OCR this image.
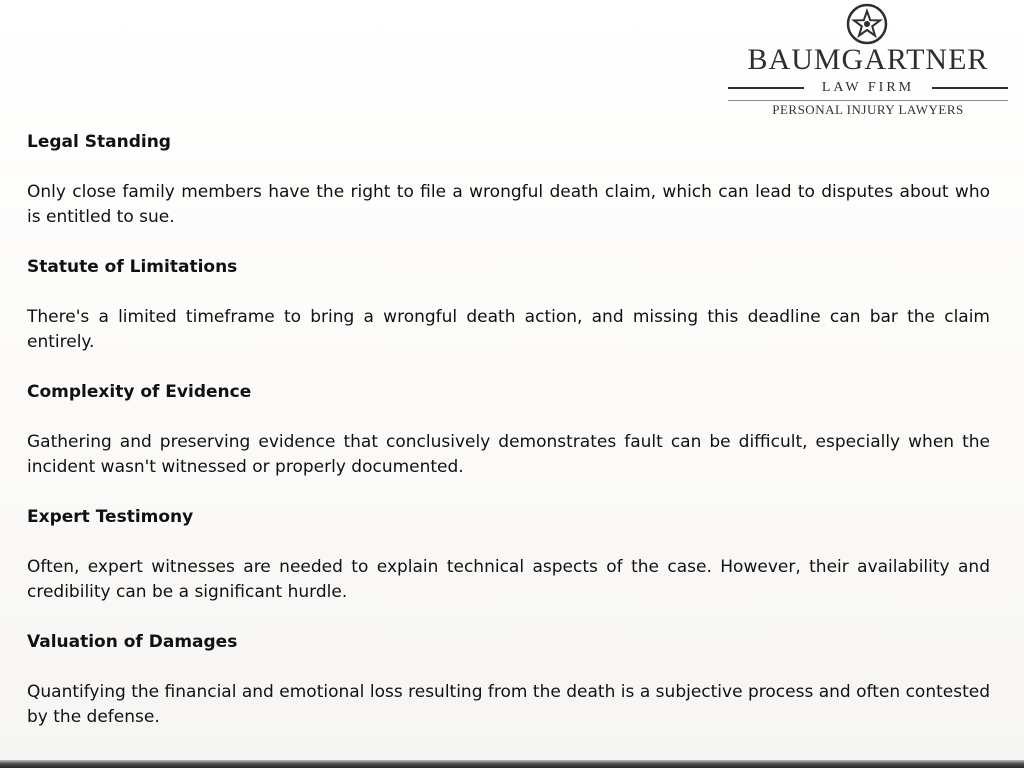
BAUMGARTNER
LAW FIRM
PERSONAL INJURY LAWYERS

Legal Standing

Only close family members have the right to file a wrongful death claim, which can lead to disputes about who is entitled to sue.

Statute of Limitations

There's a limited timeframe to bring a wrongful death action, and missing this deadline can bar the claim entirely.

Complexity of Evidence

Gathering and preserving evidence that conclusively demonstrates fault can be difficult, especially when the incident wasn't witnessed or properly documented.

Expert Testimony

Often, expert witnesses are needed to explain technical aspects of the case. However, their availability and credibility can be a significant hurdle.

Valuation of Damages

Quantifying the financial and emotional loss resulting from the death is a subjective process and often contested by the defense.
